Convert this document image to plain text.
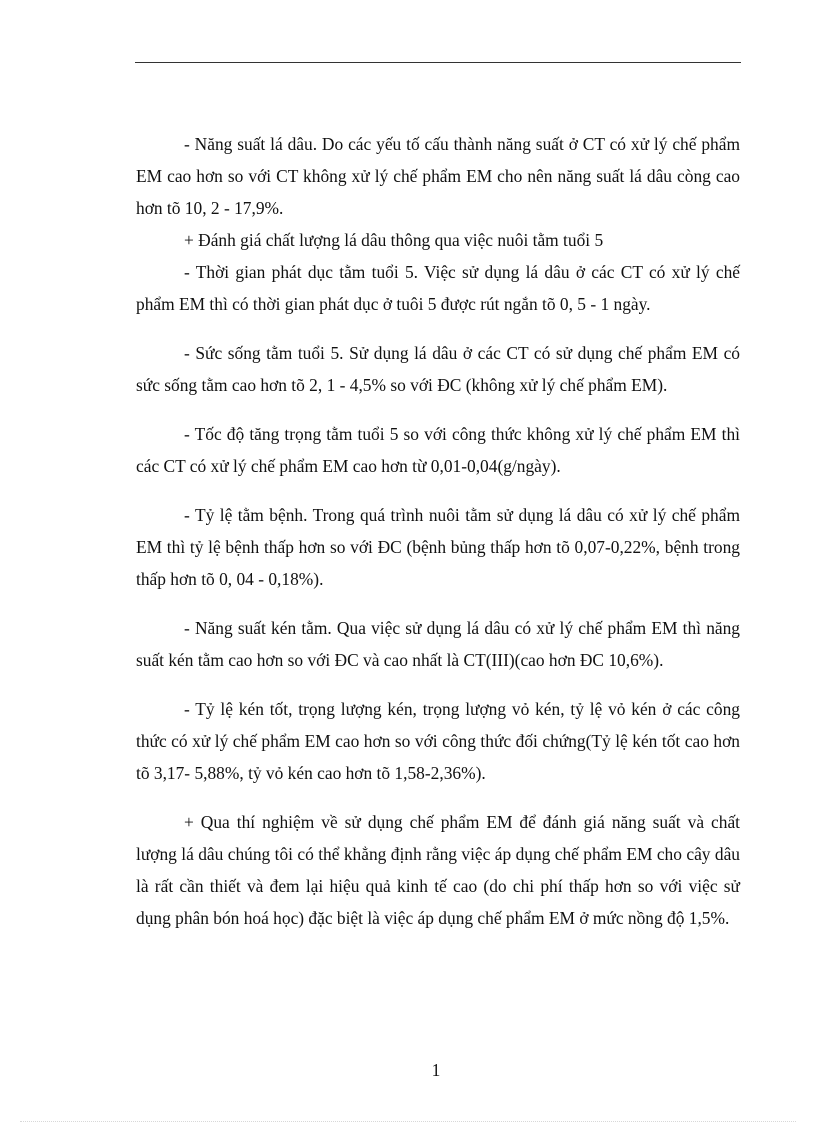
- Năng suất lá dâu. Do các yếu tố cấu thành năng suất ở CT có xử lý chế phẩm EM cao hơn so với CT không xử lý chế phẩm EM cho nên năng suất lá dâu còng cao hơn tõ 10, 2 - 17,9%.

+ Đánh giá chất lượng lá dâu thông qua việc nuôi tằm tuổi 5

- Thời gian phát dục tằm tuổi 5. Việc sử dụng lá dâu ở các CT có xử lý chế phẩm EM thì có thời gian phát dục ở tuôi 5 được rút ngắn tõ 0, 5 - 1 ngày.

- Sức sống tằm tuổi 5. Sử dụng lá dâu ở các CT có sử dụng chế phẩm EM có sức sống tằm cao hơn tõ 2, 1 - 4,5% so với ĐC (không xử lý chế phẩm EM).

- Tốc độ tăng trọng tằm tuổi 5 so với công thức không xử lý chế phẩm EM thì các CT có xử lý chế phẩm EM cao hơn từ 0,01-0,04(g/ngày).

- Tỷ lệ tằm bệnh. Trong quá trình nuôi tằm sử dụng lá dâu có xử lý chế phẩm EM thì tỷ lệ bệnh thấp hơn so với ĐC (bệnh bủng thấp hơn tõ 0,07-0,22%, bệnh trong thấp hơn tõ 0, 04 - 0,18%).

- Năng suất kén tằm. Qua việc sử dụng lá dâu có xử lý chế phẩm EM thì năng suất kén tằm cao hơn so với ĐC và cao nhất là CT(III)(cao hơn ĐC 10,6%).

- Tỷ lệ kén tốt, trọng lượng kén, trọng lượng vỏ kén, tỷ lệ vỏ kén ở các công thức có xử lý chế phẩm EM cao hơn so với công thức đối chứng(Tỷ lệ kén tốt cao hơn tõ 3,17- 5,88%, tỷ vỏ kén cao hơn tõ 1,58-2,36%).

+ Qua thí nghiệm về sử dụng chế phẩm EM để đánh giá năng suất và chất lượng lá dâu chúng tôi có thể khẳng định rằng việc áp dụng chế phẩm EM cho cây dâu là rất cần thiết và đem lại hiệu quả kinh tế cao (do chi phí thấp hơn so với việc sử dụng phân bón hoá học) đặc biệt là việc áp dụng chế phẩm EM ở mức nồng độ 1,5%.

1
